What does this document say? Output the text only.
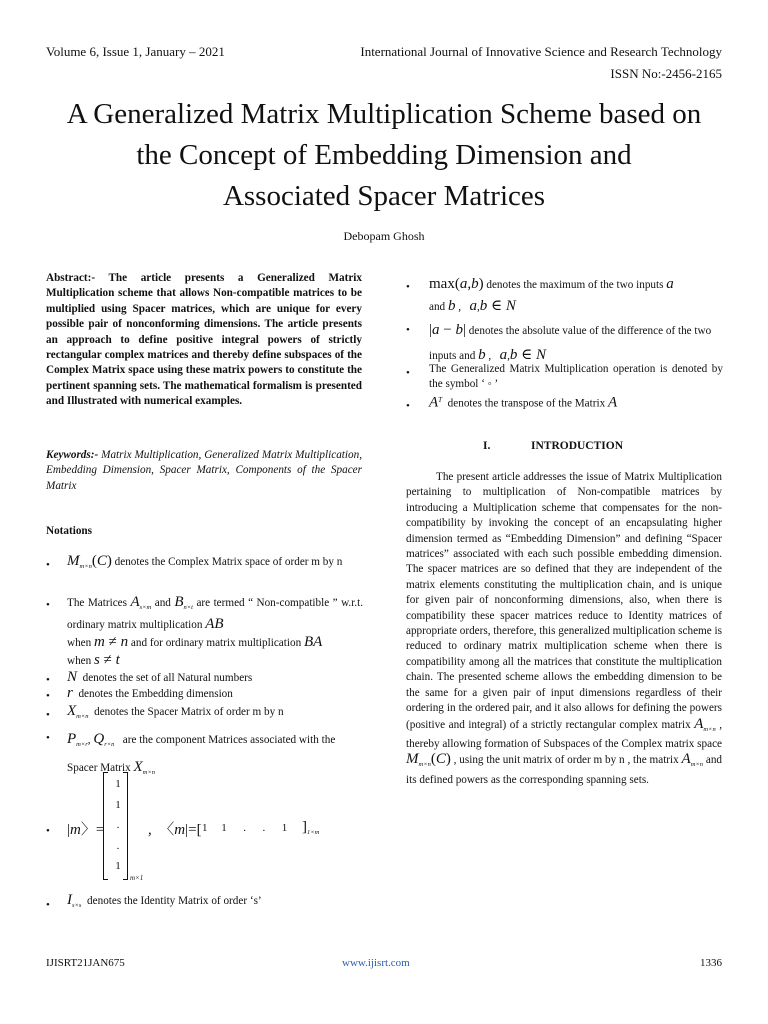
Volume 6, Issue 1, January – 2021	International Journal of Innovative Science and Research Technology
ISSN No:-2456-2165
A Generalized Matrix Multiplication Scheme based on
the Concept of Embedding Dimension and
Associated Spacer Matrices
Debopam Ghosh
Abstract:- The article presents a Generalized Matrix Multiplication scheme that allows Non-compatible matrices to be multiplied using Spacer matrices, which are unique for every possible pair of nonconforming dimensions. The article presents an approach to define positive integral powers of strictly rectangular complex matrices and thereby define subspaces of the Complex Matrix space using these matrix powers to constitute the pertinent spanning sets. The mathematical formalism is presented and Illustrated with numerical examples.
Keywords:- Matrix Multiplication, Generalized Matrix Multiplication, Embedding Dimension, Spacer Matrix, Components of the Spacer Matrix
Notations
• $M_{m\times n}(C)$ denotes the Complex Matrix space of order m by n
• The Matrices $A_{s\times m}$ and $B_{n\times t}$ are termed “ Non-compatible ” w.r.t. ordinary matrix multiplication AB
when m ≠ n and for ordinary matrix multiplication BA
when s ≠ t
• N denotes the set of all Natural numbers
• r denotes the Embedding dimension
• $X_{m\times n}$ denotes the Spacer Matrix of order m by n
• $P_{m\times r}$, $Q_{r\times n}$ are the component Matrices associated with the Spacer Matrix $X_{m\times n}$
• |m〉=
1
1
.
.
1
m×1
,  〈m|=[ 1 1 . . 1 ]$_{1\times m}$
• $I_{s\times s}$ denotes the Identity Matrix of order ‘s’
• max(a,b) denotes the maximum of the two inputs a
and b ,   a,b ∈ N
• |a − b| denotes the absolute value of the difference of the two inputs and b ,   a,b ∈ N
• The Generalized Matrix Multiplication operation is denoted by the symbol ‘ ◦ ’
• $A^T$ denotes the transpose of the Matrix A
I.	INTRODUCTION
The present article addresses the issue of Matrix Multiplication pertaining to multiplication of Non-compatible matrices by introducing a Multiplication scheme that compensates for the non-compatibility by invoking the concept of an encapsulating higher dimension termed as “Embedding Dimension” and defining “Spacer matrices” associated with each such possible embedding dimension. The spacer matrices are so defined that they are independent of the matrix elements constituting the multiplication chain, and is unique for given pair of nonconforming dimensions, also, when there is compatibility these spacer matrices reduce to Identity matrices of appropriate orders, therefore, this generalized multiplication scheme is reduced to ordinary matrix multiplication scheme when there is compatibility among all the matrices that constitute the multiplication chain. The presented scheme allows the embedding dimension to be the same for a given pair of input dimensions regardless of their ordering in the ordered pair, and it also allows for defining the powers (positive and integral) of a strictly rectangular complex matrix $A_{m\times n}$ , thereby allowing formation of Subspaces of the Complex matrix space $M_{m\times n}(C)$ , using the unit matrix of order m by n , the matrix $A_{m\times n}$ and its defined powers as the corresponding spanning sets.
IJISRT21JAN675	www.ijisrt.com	1336
